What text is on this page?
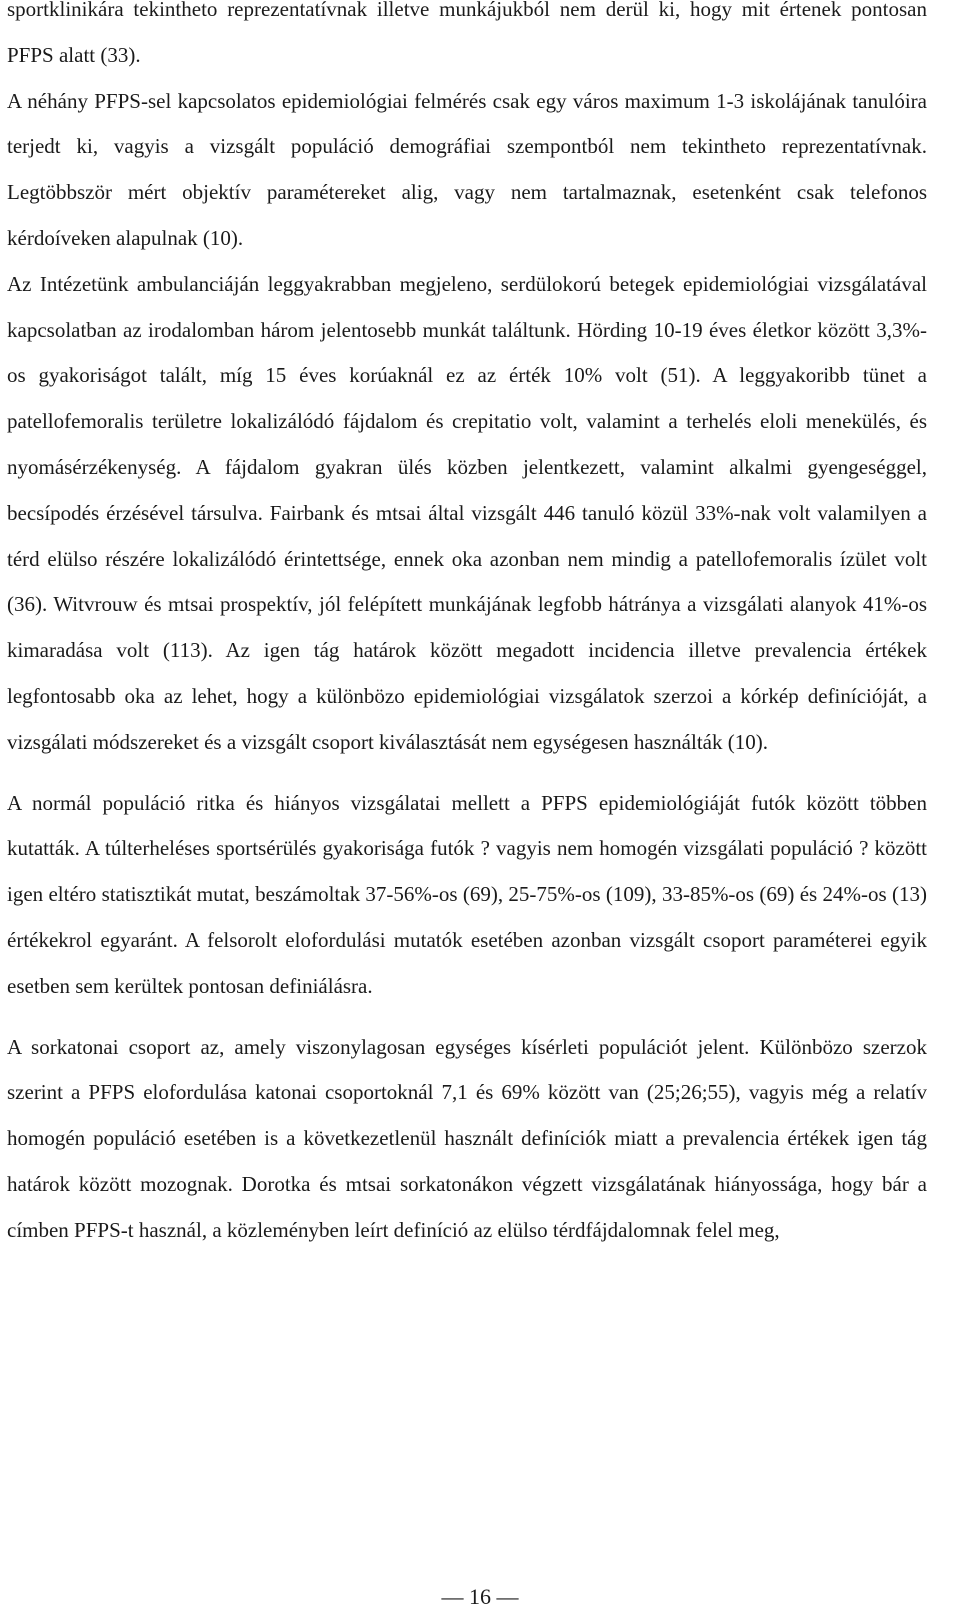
sportklinikára tekintheto reprezentatívnak illetve munkájukból nem derül ki, hogy mit értenek pontosan PFPS alatt (33).

A néhány PFPS-sel kapcsolatos epidemiológiai felmérés csak egy város maximum 1-3 iskolájának tanulóira terjedt ki, vagyis a vizsgált populáció demográfiai szempontból nem tekintheto reprezentatívnak. Legtöbbször mért objektív paramétereket alig, vagy nem tartalmaznak, esetenként csak telefonos kérdoíveken alapulnak (10).

Az Intézetünk ambulanciáján leggyakrabban megjeleno, serdülokorú betegek epidemiológiai vizsgálatával kapcsolatban az irodalomban három jelentosebb munkát találtunk. Hörding 10-19 éves életkor között 3,3%-os gyakoriságot talált, míg 15 éves korúaknál ez az érték 10% volt (51). A leggyakoribb tünet a patellofemoralis területre lokalizálódó fájdalom és crepitatio volt, valamint a terhelés eloli menekülés, és nyomásérzékenység. A fájdalom gyakran ülés közben jelentkezett, valamint alkalmi gyengeséggel, becsípodés érzésével társulva. Fairbank és mtsai által vizsgált 446 tanuló közül 33%-nak volt valamilyen a térd elülso részére lokalizálódó érintettsége, ennek oka azonban nem mindig a patellofemoralis ízület volt (36). Witvrouw és mtsai prospektív, jól felépített munkájának legfobb hátránya a vizsgálati alanyok 41%-os kimaradása volt (113). Az igen tág határok között megadott incidencia illetve prevalencia értékek legfontosabb oka az lehet, hogy a különbözo epidemiológiai vizsgálatok szerzoi a kórkép definícióját, a vizsgálati módszereket és a vizsgált csoport kiválasztását nem egységesen használták (10).

A normál populáció ritka és hiányos vizsgálatai mellett a PFPS epidemiológiáját futók között többen kutatták. A túlterheléses sportsérülés gyakorisága futók ? vagyis nem homogén vizsgálati populáció ? között igen eltéro statisztikát mutat, beszámoltak 37-56%-os (69), 25-75%-os (109), 33-85%-os (69) és 24%-os (13) értékekrol egyaránt. A felsorolt elofordulási mutatók esetében azonban vizsgált csoport paraméterei egyik esetben sem kerültek pontosan definiálásra.

A sorkatonai csoport az, amely viszonylagosan egységes kísérleti populációt jelent. Különbözo szerzok szerint a PFPS elofordulása katonai csoportoknál 7,1 és 69% között van (25;26;55), vagyis még a relatív homogén populáció esetében is a következetlenül használt definíciók miatt a prevalencia értékek igen tág határok között mozognak. Dorotka és mtsai sorkatonákon végzett vizsgálatának hiányossága, hogy bár a címben PFPS-t használ, a közleményben leírt definíció az elülso térdfájdalomnak felel meg,

— 16 —
